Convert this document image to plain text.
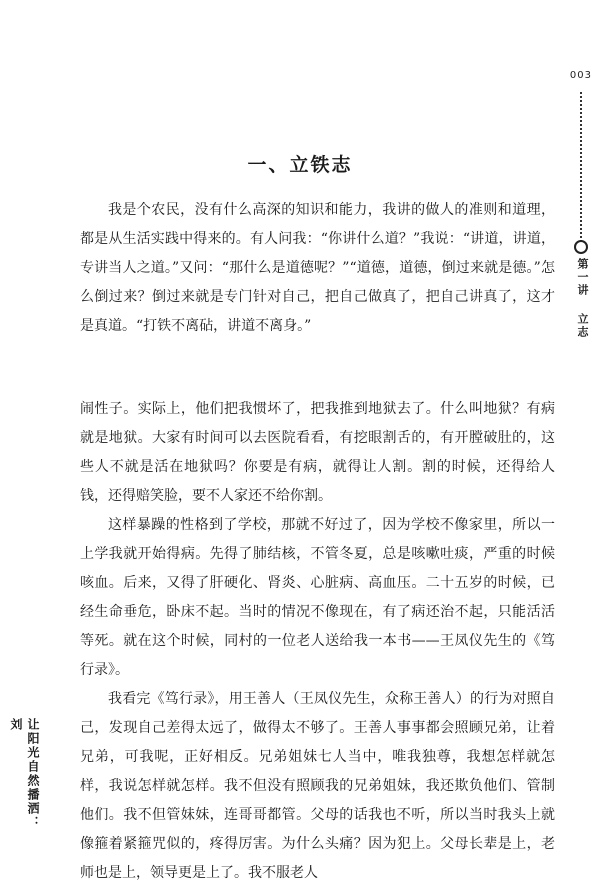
003
第一讲 立志
一、立铁志

我是个农民，没有什么高深的知识和能力，我讲的做人的准则和道理，都是从生活实践中得来的。有人问我：“你讲什么道？”我说：“讲道，讲道，专讲当人之道。”又问：“那什么是道德呢？”“道德，道德，倒过来就是德。”怎么倒过来？倒过来就是专门针对自己，把自己做真了，把自己讲真了，这才是真道。“打铁不离砧，讲道不离身。”

闹性子。实际上，他们把我惯坏了，把我推到地狱去了。什么叫地狱？有病就是地狱。大家有时间可以去医院看看，有挖眼割舌的，有开膛破肚的，这些人不就是活在地狱吗？你要是有病，就得让人割。割的时候，还得给人钱，还得赔笑脸，要不人家还不给你割。

这样暴躁的性格到了学校，那就不好过了，因为学校不像家里，所以一上学我就开始得病。先得了肺结核，不管冬夏，总是咳嗽吐痰，严重的时候咳血。后来，又得了肝硬化、肾炎、心脏病、高血压。二十五岁的时候，已经生命垂危，卧床不起。当时的情况不像现在，有了病还治不起，只能活活等死。就在这个时候，同村的一位老人送给我一本书——王凤仪先生的《笃行录》。

我看完《笃行录》，用王善人（王凤仪先生，众称王善人）的行为对照自己，发现自己差得太远了，做得太不够了。王善人事事都会照顾兄弟，让着兄弟，可我呢，正好相反。兄弟姐妹七人当中，唯我独尊，我想怎样就怎样，我说怎样就怎样。我不但没有照顾我的兄弟姐妹，我还欺负他们、管制他们。我不但管妹妹，连哥哥都管。父母的话我也不听，所以当时我头上就像箍着紧箍咒似的，疼得厉害。为什么头痛？因为犯上。父母长辈是上，老师也是上，领导更是上了。我不服老人

让阳光自然播洒：刘
